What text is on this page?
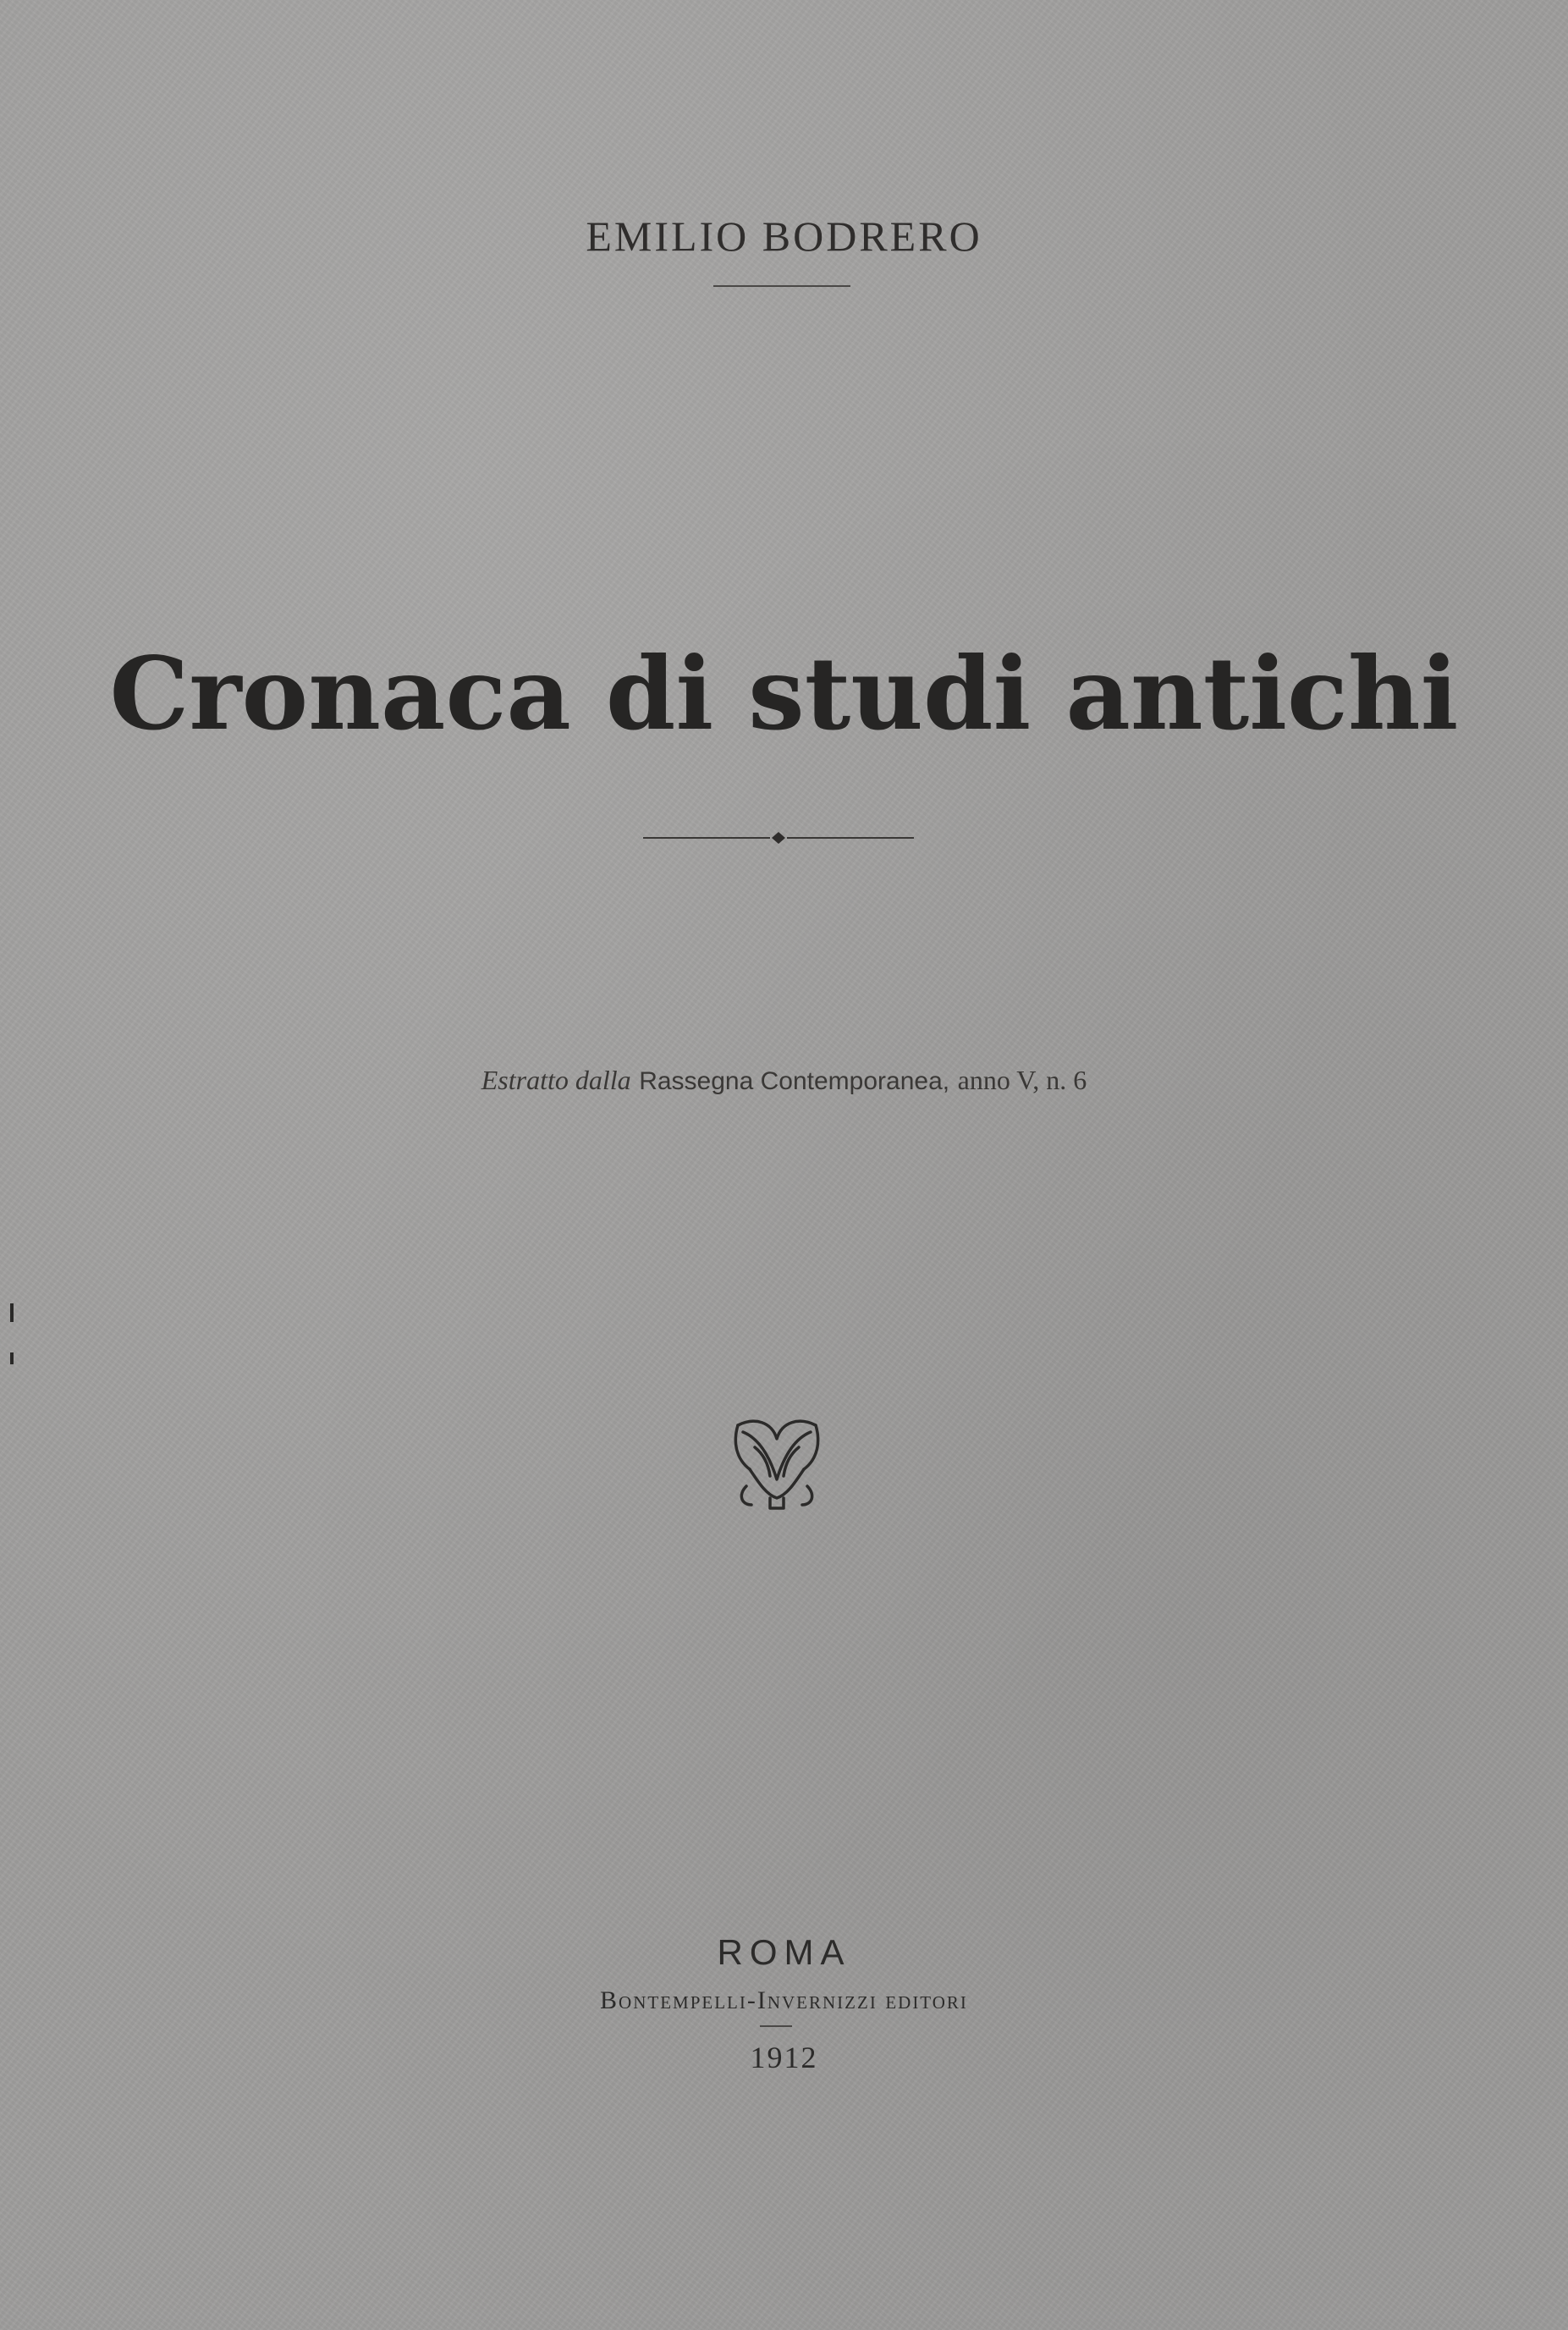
EMILIO BODRERO
Cronaca di studi antichi
Estratto dalla Rassegna Contemporanea, anno V, n. 6
ROMA
Bontempelli-Invernizzi editori
1912
